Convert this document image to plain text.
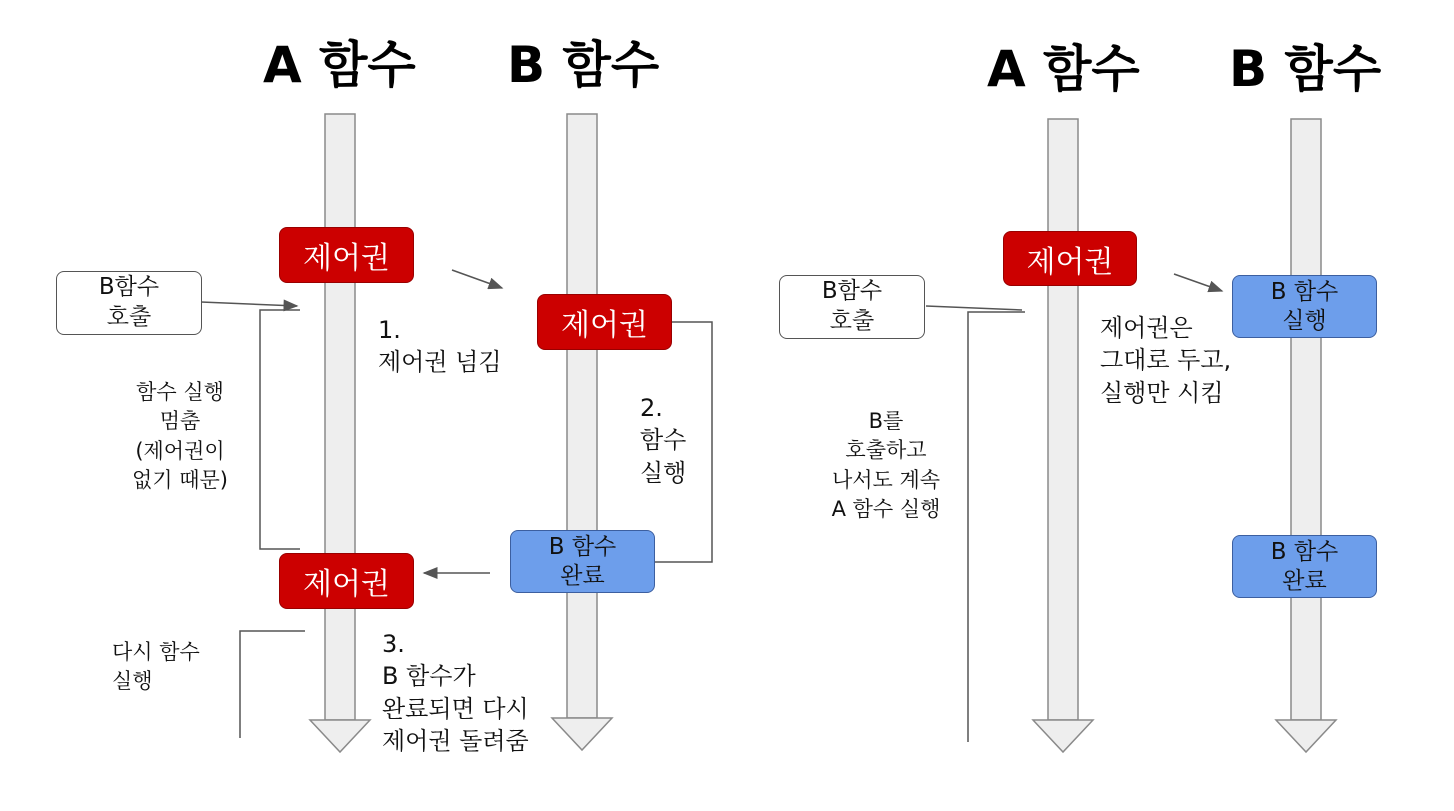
A 함수 B 함수	A 함수 B 함수
B함수
호출
제어권
제어권
제어권
B 함수
완료
1.
제어권 넘김
2.
함수
실행
함수 실행
멈춤
(제어권이
없기 때문)
다시 함수
실행
3.
B 함수가
완료되면 다시
제어권 돌려줌
B함수
호출
제어권
B 함수
실행
B 함수
완료
제어권은
그대로 두고,
실행만 시킴
B를
호출하고
나서도 계속
A 함수 실행
